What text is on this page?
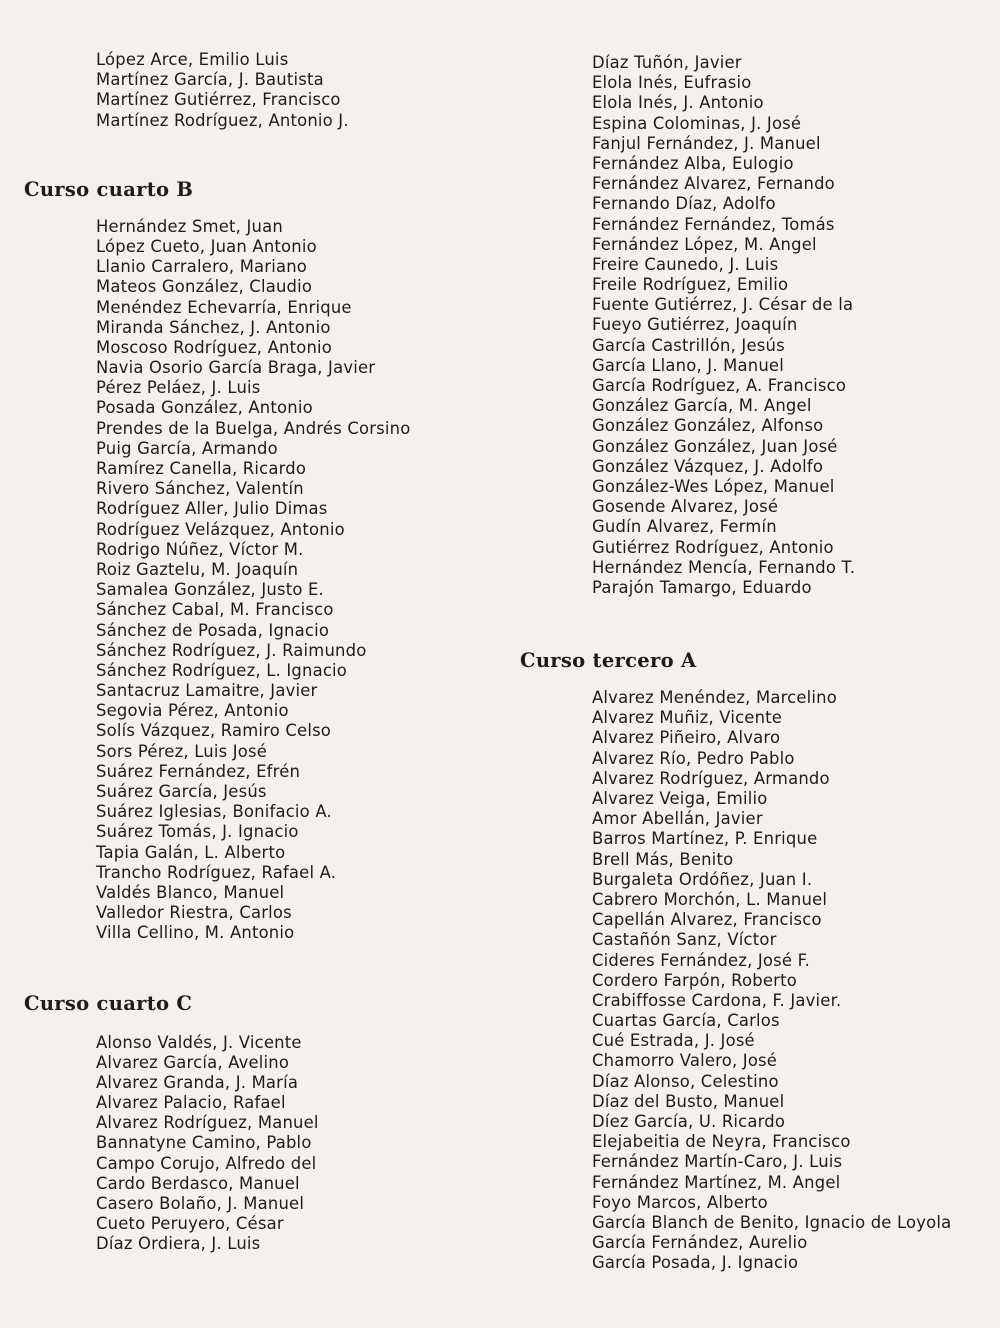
López Arce, Emilio Luis
Martínez García, J. Bautista
Martínez Gutiérrez, Francisco
Martínez Rodríguez, Antonio J.
Curso cuarto B
Hernández Smet, Juan
López Cueto, Juan Antonio
Llanio Carralero, Mariano
Mateos González, Claudio
Menéndez Echevarría, Enrique
Miranda Sánchez, J. Antonio
Moscoso Rodríguez, Antonio
Navia Osorio García Braga, Javier
Pérez Peláez, J. Luis
Posada González, Antonio
Prendes de la Buelga, Andrés Corsino
Puig García, Armando
Ramírez Canella, Ricardo
Rivero Sánchez, Valentín
Rodríguez Aller, Julio Dimas
Rodríguez Velázquez, Antonio
Rodrigo Núñez, Víctor M.
Roiz Gaztelu, M. Joaquín
Samalea González, Justo E.
Sánchez Cabal, M. Francisco
Sánchez de Posada, Ignacio
Sánchez Rodríguez, J. Raimundo
Sánchez Rodríguez, L. Ignacio
Santacruz Lamaitre, Javier
Segovia Pérez, Antonio
Solís Vázquez, Ramiro Celso
Sors Pérez, Luis José
Suárez Fernández, Efrén
Suárez García, Jesús
Suárez Iglesias, Bonifacio A.
Suárez Tomás, J. Ignacio
Tapia Galán, L. Alberto
Trancho Rodríguez, Rafael A.
Valdés Blanco, Manuel
Valledor Riestra, Carlos
Villa Cellino, M. Antonio
Curso cuarto C
Alonso Valdés, J. Vicente
Alvarez García, Avelino
Alvarez Granda, J. María
Alvarez Palacio, Rafael
Alvarez Rodríguez, Manuel
Bannatyne Camino, Pablo
Campo Corujo, Alfredo del
Cardo Berdasco, Manuel
Casero Bolaño, J. Manuel
Cueto Peruyero, César
Díaz Ordiera, J. Luis
Díaz Tuñón, Javier
Elola Inés, Eufrasio
Elola Inés, J. Antonio
Espina Colominas, J. José
Fanjul Fernández, J. Manuel
Fernández Alba, Eulogio
Fernández Alvarez, Fernando
Fernando Díaz, Adolfo
Fernández Fernández, Tomás
Fernández López, M. Angel
Freire Caunedo, J. Luis
Freile Rodríguez, Emilio
Fuente Gutiérrez, J. César de la
Fueyo Gutiérrez, Joaquín
García Castrillón, Jesús
García Llano, J. Manuel
García Rodríguez, A. Francisco
González García, M. Angel
González González, Alfonso
González González, Juan José
González Vázquez, J. Adolfo
González-Wes López, Manuel
Gosende Alvarez, José
Gudín Alvarez, Fermín
Gutiérrez Rodríguez, Antonio
Hernández Mencía, Fernando T.
Parajón Tamargo, Eduardo
Curso tercero A
Alvarez Menéndez, Marcelino
Alvarez Muñiz, Vicente
Alvarez Piñeiro, Alvaro
Alvarez Río, Pedro Pablo
Alvarez Rodríguez, Armando
Alvarez Veiga, Emilio
Amor Abellán, Javier
Barros Martínez, P. Enrique
Brell Más, Benito
Burgaleta Ordóñez, Juan I.
Cabrero Morchón, L. Manuel
Capellán Alvarez, Francisco
Castañón Sanz, Víctor
Cideres Fernández, José F.
Cordero Farpón, Roberto
Crabiffosse Cardona, F. Javier.
Cuartas García, Carlos
Cué Estrada, J. José
Chamorro Valero, José
Díaz Alonso, Celestino
Díaz del Busto, Manuel
Díez García, U. Ricardo
Elejabeitia de Neyra, Francisco
Fernández Martín-Caro, J. Luis
Fernández Martínez, M. Angel
Foyo Marcos, Alberto
García Blanch de Benito, Ignacio de Loyola
García Fernández, Aurelio
García Posada, J. Ignacio
